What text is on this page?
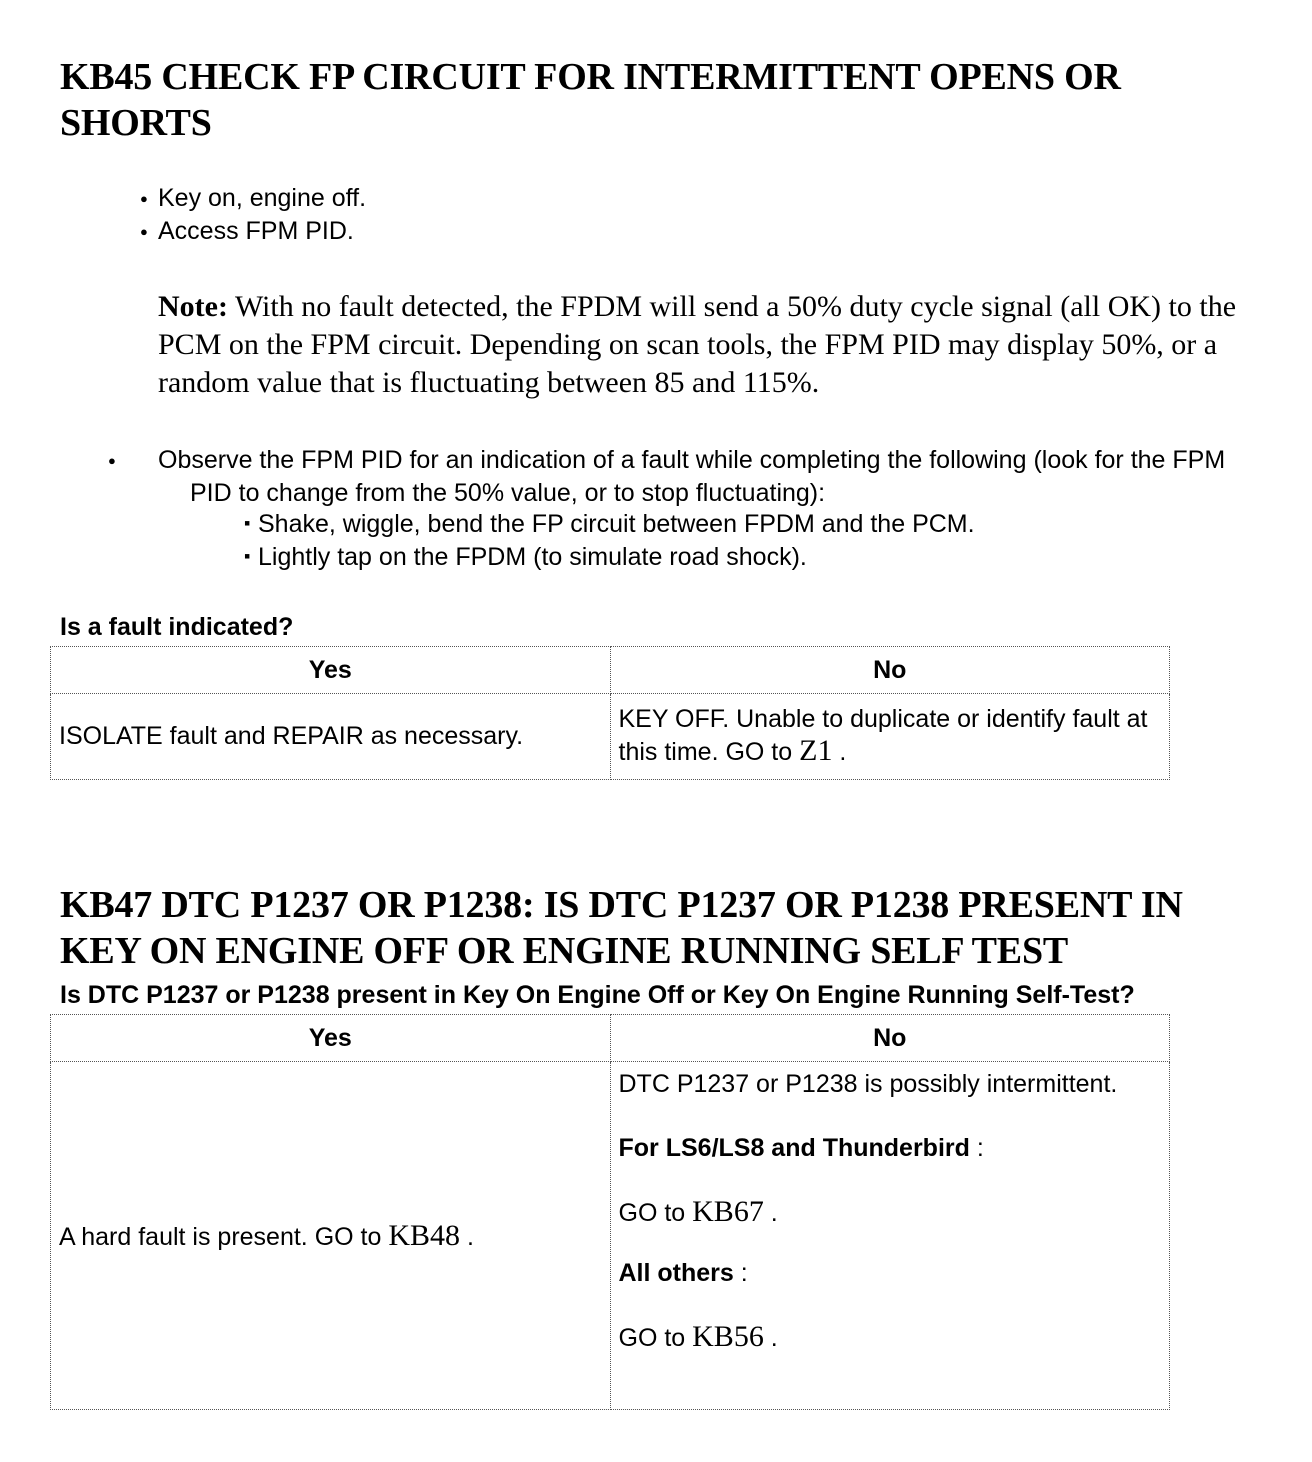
KB45 CHECK FP CIRCUIT FOR INTERMITTENT OPENS OR SHORTS
● Key on, engine off.
● Access FPM PID.

Note: With no fault detected, the FPDM will send a 50% duty cycle signal (all OK) to the PCM on the FPM circuit. Depending on scan tools, the FPM PID may display 50%, or a random value that is fluctuating between 85 and 115%.

● Observe the FPM PID for an indication of a fault while completing the following (look for the FPM PID to change from the 50% value, or to stop fluctuating):
▪ Shake, wiggle, bend the FP circuit between FPDM and the PCM.
▪ Lightly tap on the FPDM (to simulate road shock).

Is a fault indicated?

Yes	No
ISOLATE fault and REPAIR as necessary.	KEY OFF. Unable to duplicate or identify fault at this time. GO to Z1 .
KB47 DTC P1237 OR P1238: IS DTC P1237 OR P1238 PRESENT IN KEY ON ENGINE OFF OR ENGINE RUNNING SELF TEST

Is DTC P1237 or P1238 present in Key On Engine Off or Key On Engine Running Self-Test?

Yes	No
A hard fault is present. GO to KB48 .	DTC P1237 or P1238 is possibly intermittent.

For LS6/LS8 and Thunderbird :

GO to KB67 .

All others :

GO to KB56 .
